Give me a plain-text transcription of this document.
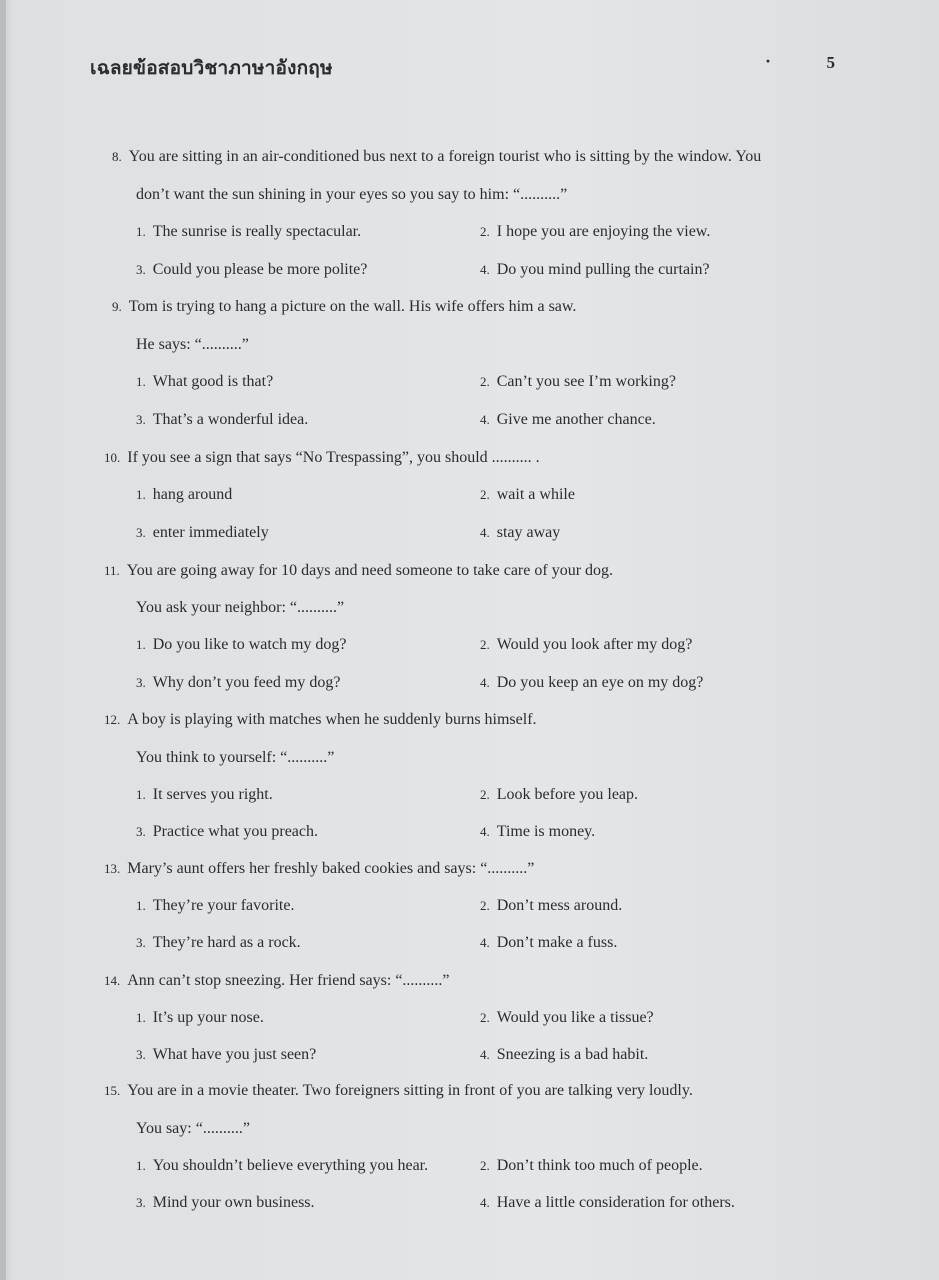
เฉลยข้อสอบวิชาภาษาอังกฤษ	·	5
8. You are sitting in an air-conditioned bus next to a foreign tourist who is sitting by the window. You
don’t want the sun shining in your eyes so you say to him: “..........”
1. The sunrise is really spectacular.	2. I hope you are enjoying the view.
3. Could you please be more polite?	4. Do you mind pulling the curtain?
9. Tom is trying to hang a picture on the wall. His wife offers him a saw.
He says: “..........”
1. What good is that?	2. Can’t you see I’m working?
3. That’s a wonderful idea.	4. Give me another chance.
10. If you see a sign that says “No Trespassing”, you should .......... .
1. hang around	2. wait a while
3. enter immediately	4. stay away
11. You are going away for 10 days and need someone to take care of your dog.
You ask your neighbor: “..........”
1. Do you like to watch my dog?	2. Would you look after my dog?
3. Why don’t you feed my dog?	4. Do you keep an eye on my dog?
12. A boy is playing with matches when he suddenly burns himself.
You think to yourself: “..........”
1. It serves you right.	2. Look before you leap.
3. Practice what you preach.	4. Time is money.
13. Mary’s aunt offers her freshly baked cookies and says: “..........”
1. They’re your favorite.	2. Don’t mess around.
3. They’re hard as a rock.	4. Don’t make a fuss.
14. Ann can’t stop sneezing. Her friend says: “..........”
1. It’s up your nose.	2. Would you like a tissue?
3. What have you just seen?	4. Sneezing is a bad habit.
15. You are in a movie theater. Two foreigners sitting in front of you are talking very loudly.
You say: “..........”
1. You shouldn’t believe everything you hear.	2. Don’t think too much of people.
3. Mind your own business.	4. Have a little consideration for others.
